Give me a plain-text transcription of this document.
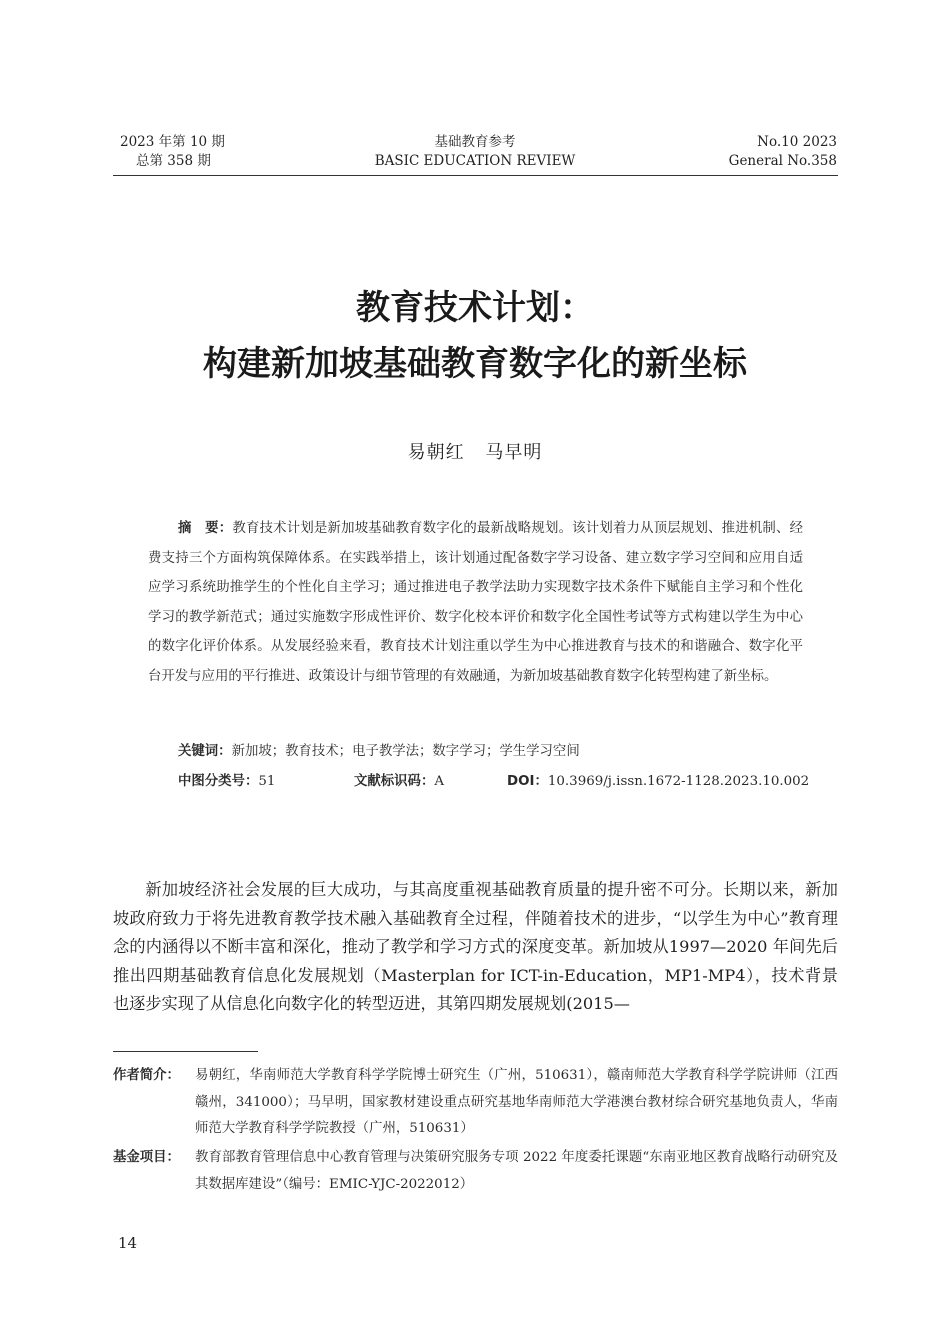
2023 年第 10 期
总第 358 期
基础教育参考
BASIC EDUCATION REVIEW
No.10 2023
General No.358
教育技术计划：
构建新加坡基础教育数字化的新坐标
易朝红 马早明
摘　要：教育技术计划是新加坡基础教育数字化的最新战略规划。该计划着力从顶层规划、推进机制、经费支持三个方面构筑保障体系。在实践举措上，该计划通过配备数字学习设备、建立数字学习空间和应用自适应学习系统助推学生的个性化自主学习；通过推进电子教学法助力实现数字技术条件下赋能自主学习和个性化学习的教学新范式；通过实施数字形成性评价、数字化校本评价和数字化全国性考试等方式构建以学生为中心的数字化评价体系。从发展经验来看，教育技术计划注重以学生为中心推进教育与技术的和谐融合、数字化平台开发与应用的平行推进、政策设计与细节管理的有效融通，为新加坡基础教育数字化转型构建了新坐标。
关键词：新加坡；教育技术；电子教学法；数字学习；学生学习空间
中图分类号：51	文献标识码：A	DOI：10.3969/j.issn.1672-1128.2023.10.002

新加坡经济社会发展的巨大成功，与其高度重视基础教育质量的提升密不可分。长期以来，新加坡政府致力于将先进教育教学技术融入基础教育全过程，伴随着技术的进步，“以学生为中心”教育理念的内涵得以不断丰富和深化，推动了教学和学习方式的深度变革。新加坡从1997—2020 年间先后推出四期基础教育信息化发展规划（Masterplan for ICT-in-Education，MP1-MP4），技术背景也逐步实现了从信息化向数字化的转型迈进，其第四期发展规划(2015—

作者简介： 易朝红，华南师范大学教育科学学院博士研究生（广州，510631），赣南师范大学教育科学学院讲师（江西赣州，341000）；马早明，国家教材建设重点研究基地华南师范大学港澳台教材综合研究基地负责人，华南师范大学教育科学学院教授（广州，510631）
基金项目： 教育部教育管理信息中心教育管理与决策研究服务专项 2022 年度委托课题“东南亚地区教育战略行动研究及其数据库建设”（编号：EMIC-YJC-2022012）
14
